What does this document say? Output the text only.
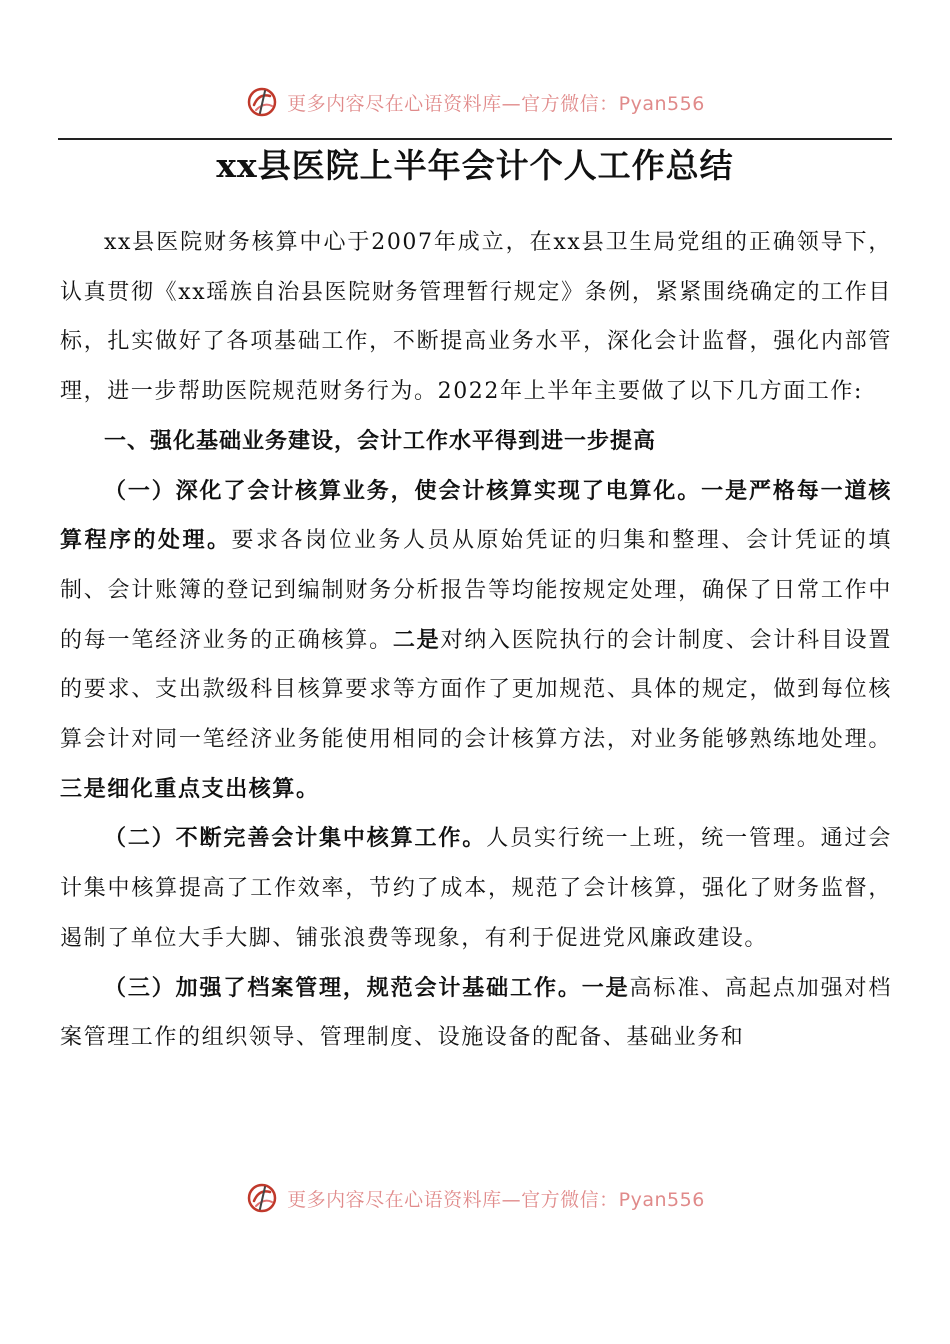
更多内容尽在心语资料库—官方微信：Pyan556
xx县医院上半年会计个人工作总结

xx县医院财务核算中心于2007年成立，在xx县卫生局党组的正确领导下，认真贯彻《xx瑶族自治县医院财务管理暂行规定》条例，紧紧围绕确定的工作目标，扎实做好了各项基础工作，不断提高业务水平，深化会计监督，强化内部管理，进一步帮助医院规范财务行为。2022年上半年主要做了以下几方面工作:

一、强化基础业务建设，会计工作水平得到进一步提高

（一）深化了会计核算业务，使会计核算实现了电算化。一是严格每一道核算程序的处理。要求各岗位业务人员从原始凭证的归集和整理、会计凭证的填制、会计账簿的登记到编制财务分析报告等均能按规定处理，确保了日常工作中的每一笔经济业务的正确核算。二是对纳入医院执行的会计制度、会计科目设置的要求、支出款级科目核算要求等方面作了更加规范、具体的规定，做到每位核算会计对同一笔经济业务能使用相同的会计核算方法，对业务能够熟练地处理。三是细化重点支出核算。

（二）不断完善会计集中核算工作。人员实行统一上班，统一管理。通过会计集中核算提高了工作效率，节约了成本，规范了会计核算，强化了财务监督，遏制了单位大手大脚、铺张浪费等现象，有利于促进党风廉政建设。

（三）加强了档案管理，规范会计基础工作。一是高标准、高起点加强对档案管理工作的组织领导、管理制度、设施设备的配备、基础业务和

更多内容尽在心语资料库—官方微信：Pyan556
